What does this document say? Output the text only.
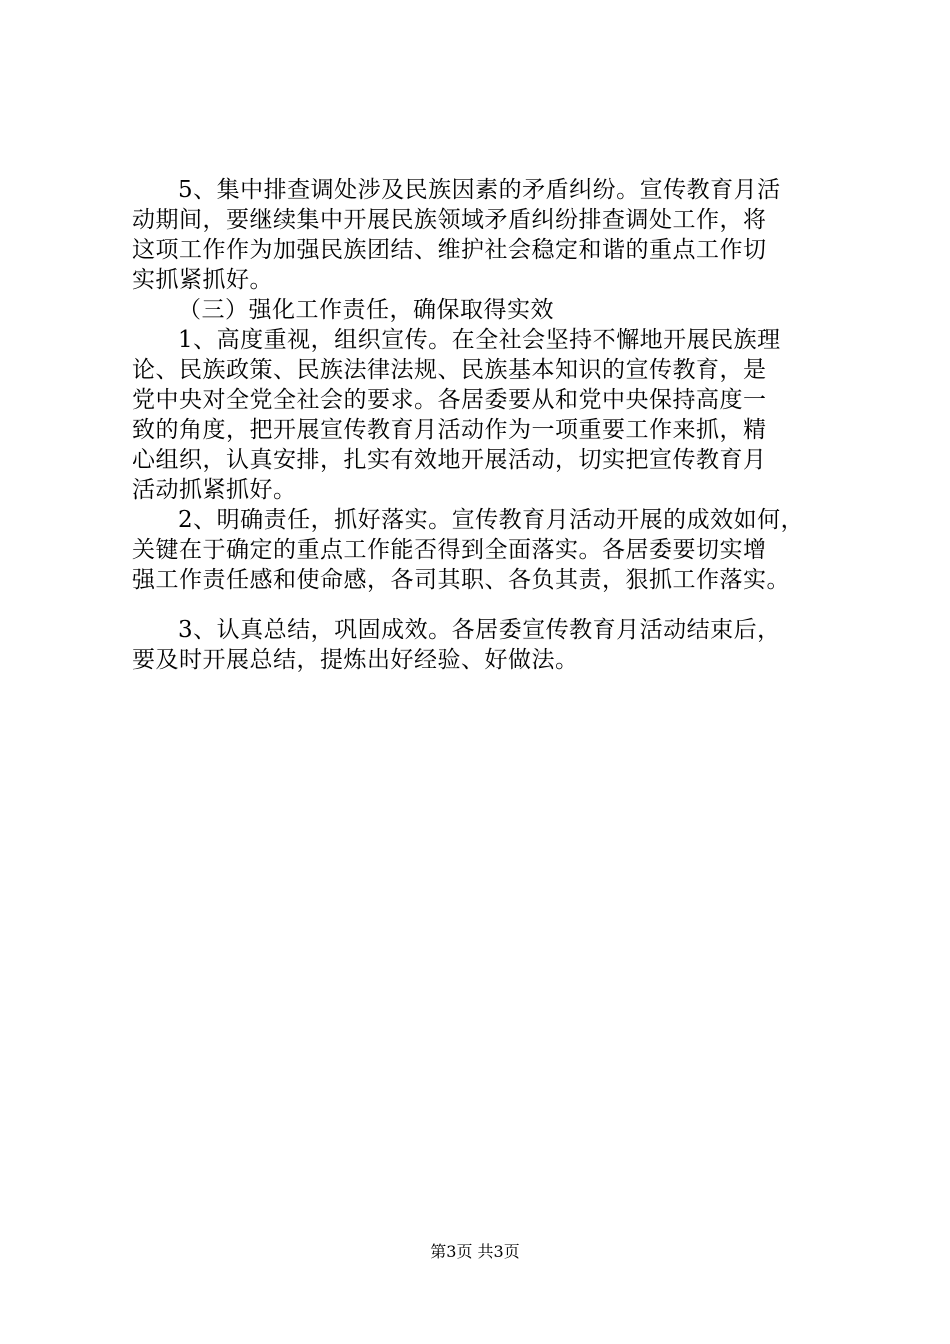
5、集中排查调处涉及民族因素的矛盾纠纷。宣传教育月活
动期间，要继续集中开展民族领域矛盾纠纷排查调处工作，将
这项工作作为加强民族团结、维护社会稳定和谐的重点工作切
实抓紧抓好。
（三）强化工作责任，确保取得实效
1、高度重视，组织宣传。在全社会坚持不懈地开展民族理
论、民族政策、民族法律法规、民族基本知识的宣传教育，是
党中央对全党全社会的要求。各居委要从和党中央保持高度一
致的角度，把开展宣传教育月活动作为一项重要工作来抓，精
心组织，认真安排，扎实有效地开展活动，切实把宣传教育月
活动抓紧抓好。
2、明确责任，抓好落实。宣传教育月活动开展的成效如何，
关键在于确定的重点工作能否得到全面落实。各居委要切实增
强工作责任感和使命感，各司其职、各负其责，狠抓工作落实。
3、认真总结，巩固成效。各居委宣传教育月活动结束后，
要及时开展总结，提炼出好经验、好做法。
第3页 共3页
